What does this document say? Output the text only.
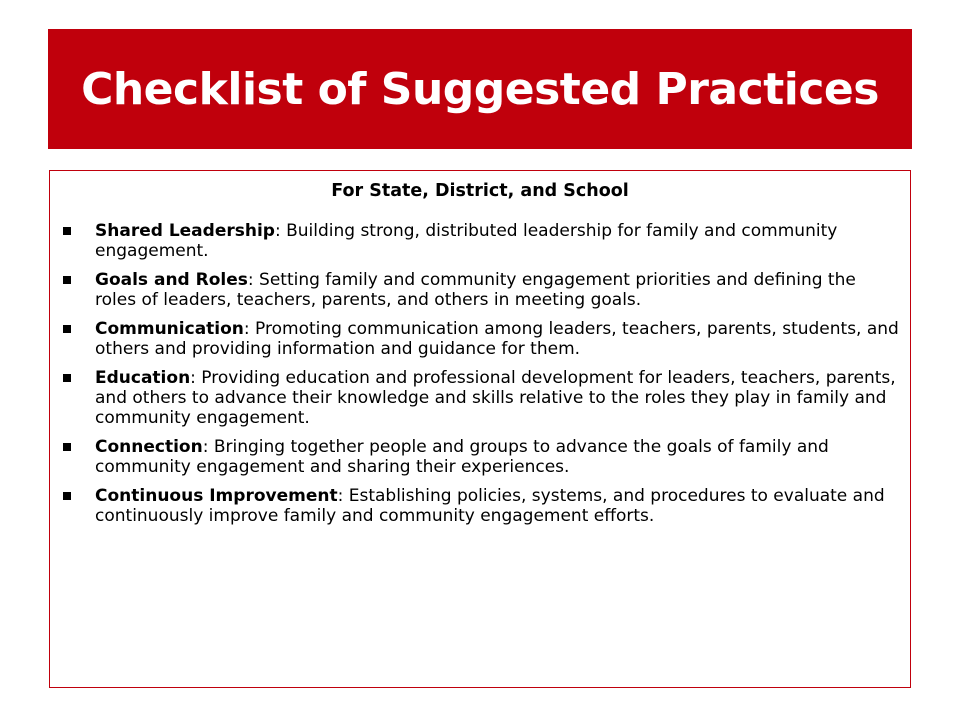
Checklist of Suggested Practices
For State, District, and School
Shared Leadership: Building strong, distributed leadership for family and community engagement.
Goals and Roles: Setting family and community engagement priorities and defining the roles of leaders, teachers, parents, and others in meeting goals.
Communication: Promoting communication among leaders, teachers, parents, students, and others and providing information and guidance for them.
Education: Providing education and professional development for leaders, teachers, parents, and others to advance their knowledge and skills relative to the roles they play in family and community engagement.
Connection: Bringing together people and groups to advance the goals of family and community engagement and sharing their experiences.
Continuous Improvement: Establishing policies, systems, and procedures to evaluate and continuously improve family and community engagement efforts.
